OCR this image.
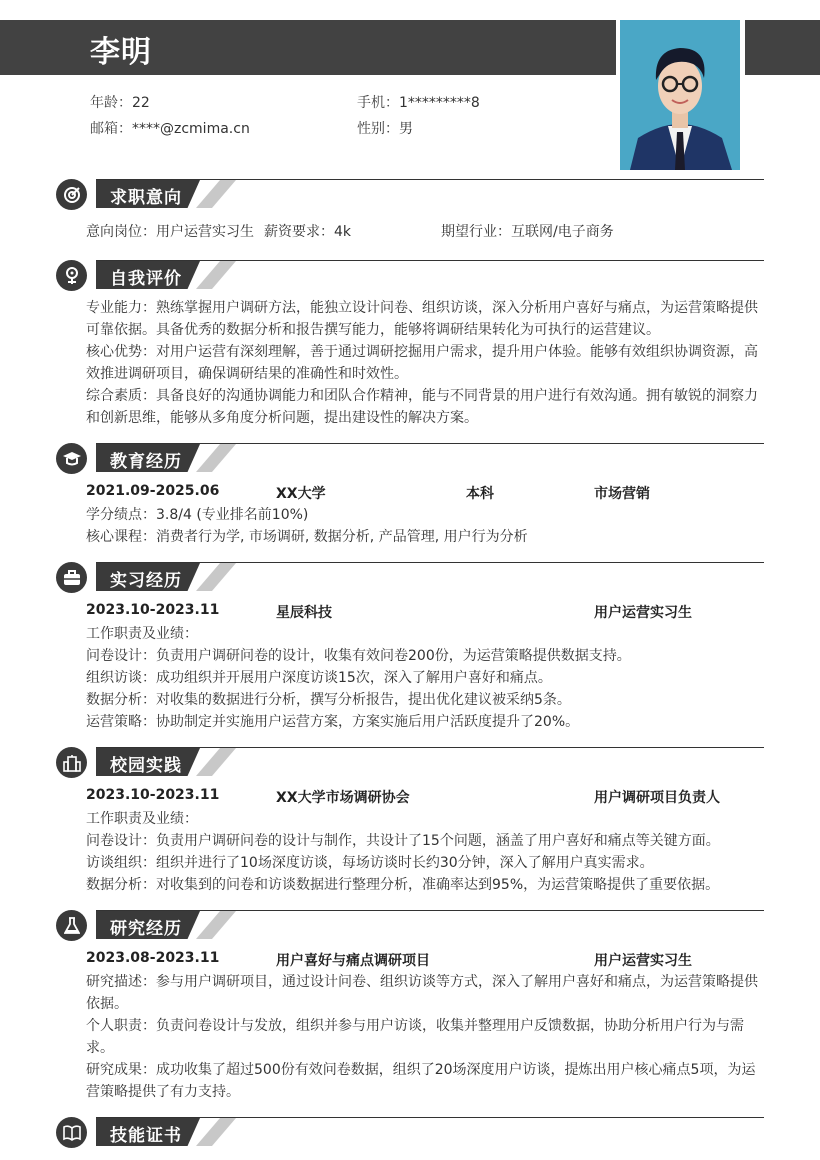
李明
年龄：22	手机：1*********8
邮箱：****@zcmima.cn	性别：男
求职意向
意向岗位：用户运营实习生 薪资要求：4k	期望行业：互联网/电子商务
自我评价
专业能力：熟练掌握用户调研方法，能独立设计问卷、组织访谈，深入分析用户喜好与痛点，为运营策略提供可靠依据。具备优秀的数据分析和报告撰写能力，能够将调研结果转化为可执行的运营建议。
核心优势：对用户运营有深刻理解，善于通过调研挖掘用户需求，提升用户体验。能够有效组织协调资源，高效推进调研项目，确保调研结果的准确性和时效性。
综合素质：具备良好的沟通协调能力和团队合作精神，能与不同背景的用户进行有效沟通。拥有敏锐的洞察力和创新思维，能够从多角度分析问题，提出建设性的解决方案。
教育经历
2021.09-2025.06	XX大学	本科	市场营销
学分绩点：3.8/4 (专业排名前10%)
核心课程：消费者行为学, 市场调研, 数据分析, 产品管理, 用户行为分析
实习经历
2023.10-2023.11	星辰科技	用户运营实习生
工作职责及业绩：
问卷设计：负责用户调研问卷的设计，收集有效问卷200份，为运营策略提供数据支持。
组织访谈：成功组织并开展用户深度访谈15次，深入了解用户喜好和痛点。
数据分析：对收集的数据进行分析，撰写分析报告，提出优化建议被采纳5条。
运营策略：协助制定并实施用户运营方案，方案实施后用户活跃度提升了20%。
校园实践
2023.10-2023.11	XX大学市场调研协会	用户调研项目负责人
工作职责及业绩：
问卷设计：负责用户调研问卷的设计与制作，共设计了15个问题，涵盖了用户喜好和痛点等关键方面。
访谈组织：组织并进行了10场深度访谈，每场访谈时长约30分钟，深入了解用户真实需求。
数据分析：对收集到的问卷和访谈数据进行整理分析，准确率达到95%，为运营策略提供了重要依据。
研究经历
2023.08-2023.11	用户喜好与痛点调研项目	用户运营实习生
研究描述：参与用户调研项目，通过设计问卷、组织访谈等方式，深入了解用户喜好和痛点，为运营策略提供依据。
个人职责：负责问卷设计与发放，组织并参与用户访谈，收集并整理用户反馈数据，协助分析用户行为与需求。
研究成果：成功收集了超过500份有效问卷数据，组织了20场深度用户访谈，提炼出用户核心痛点5项，为运营策略提供了有力支持。
技能证书
